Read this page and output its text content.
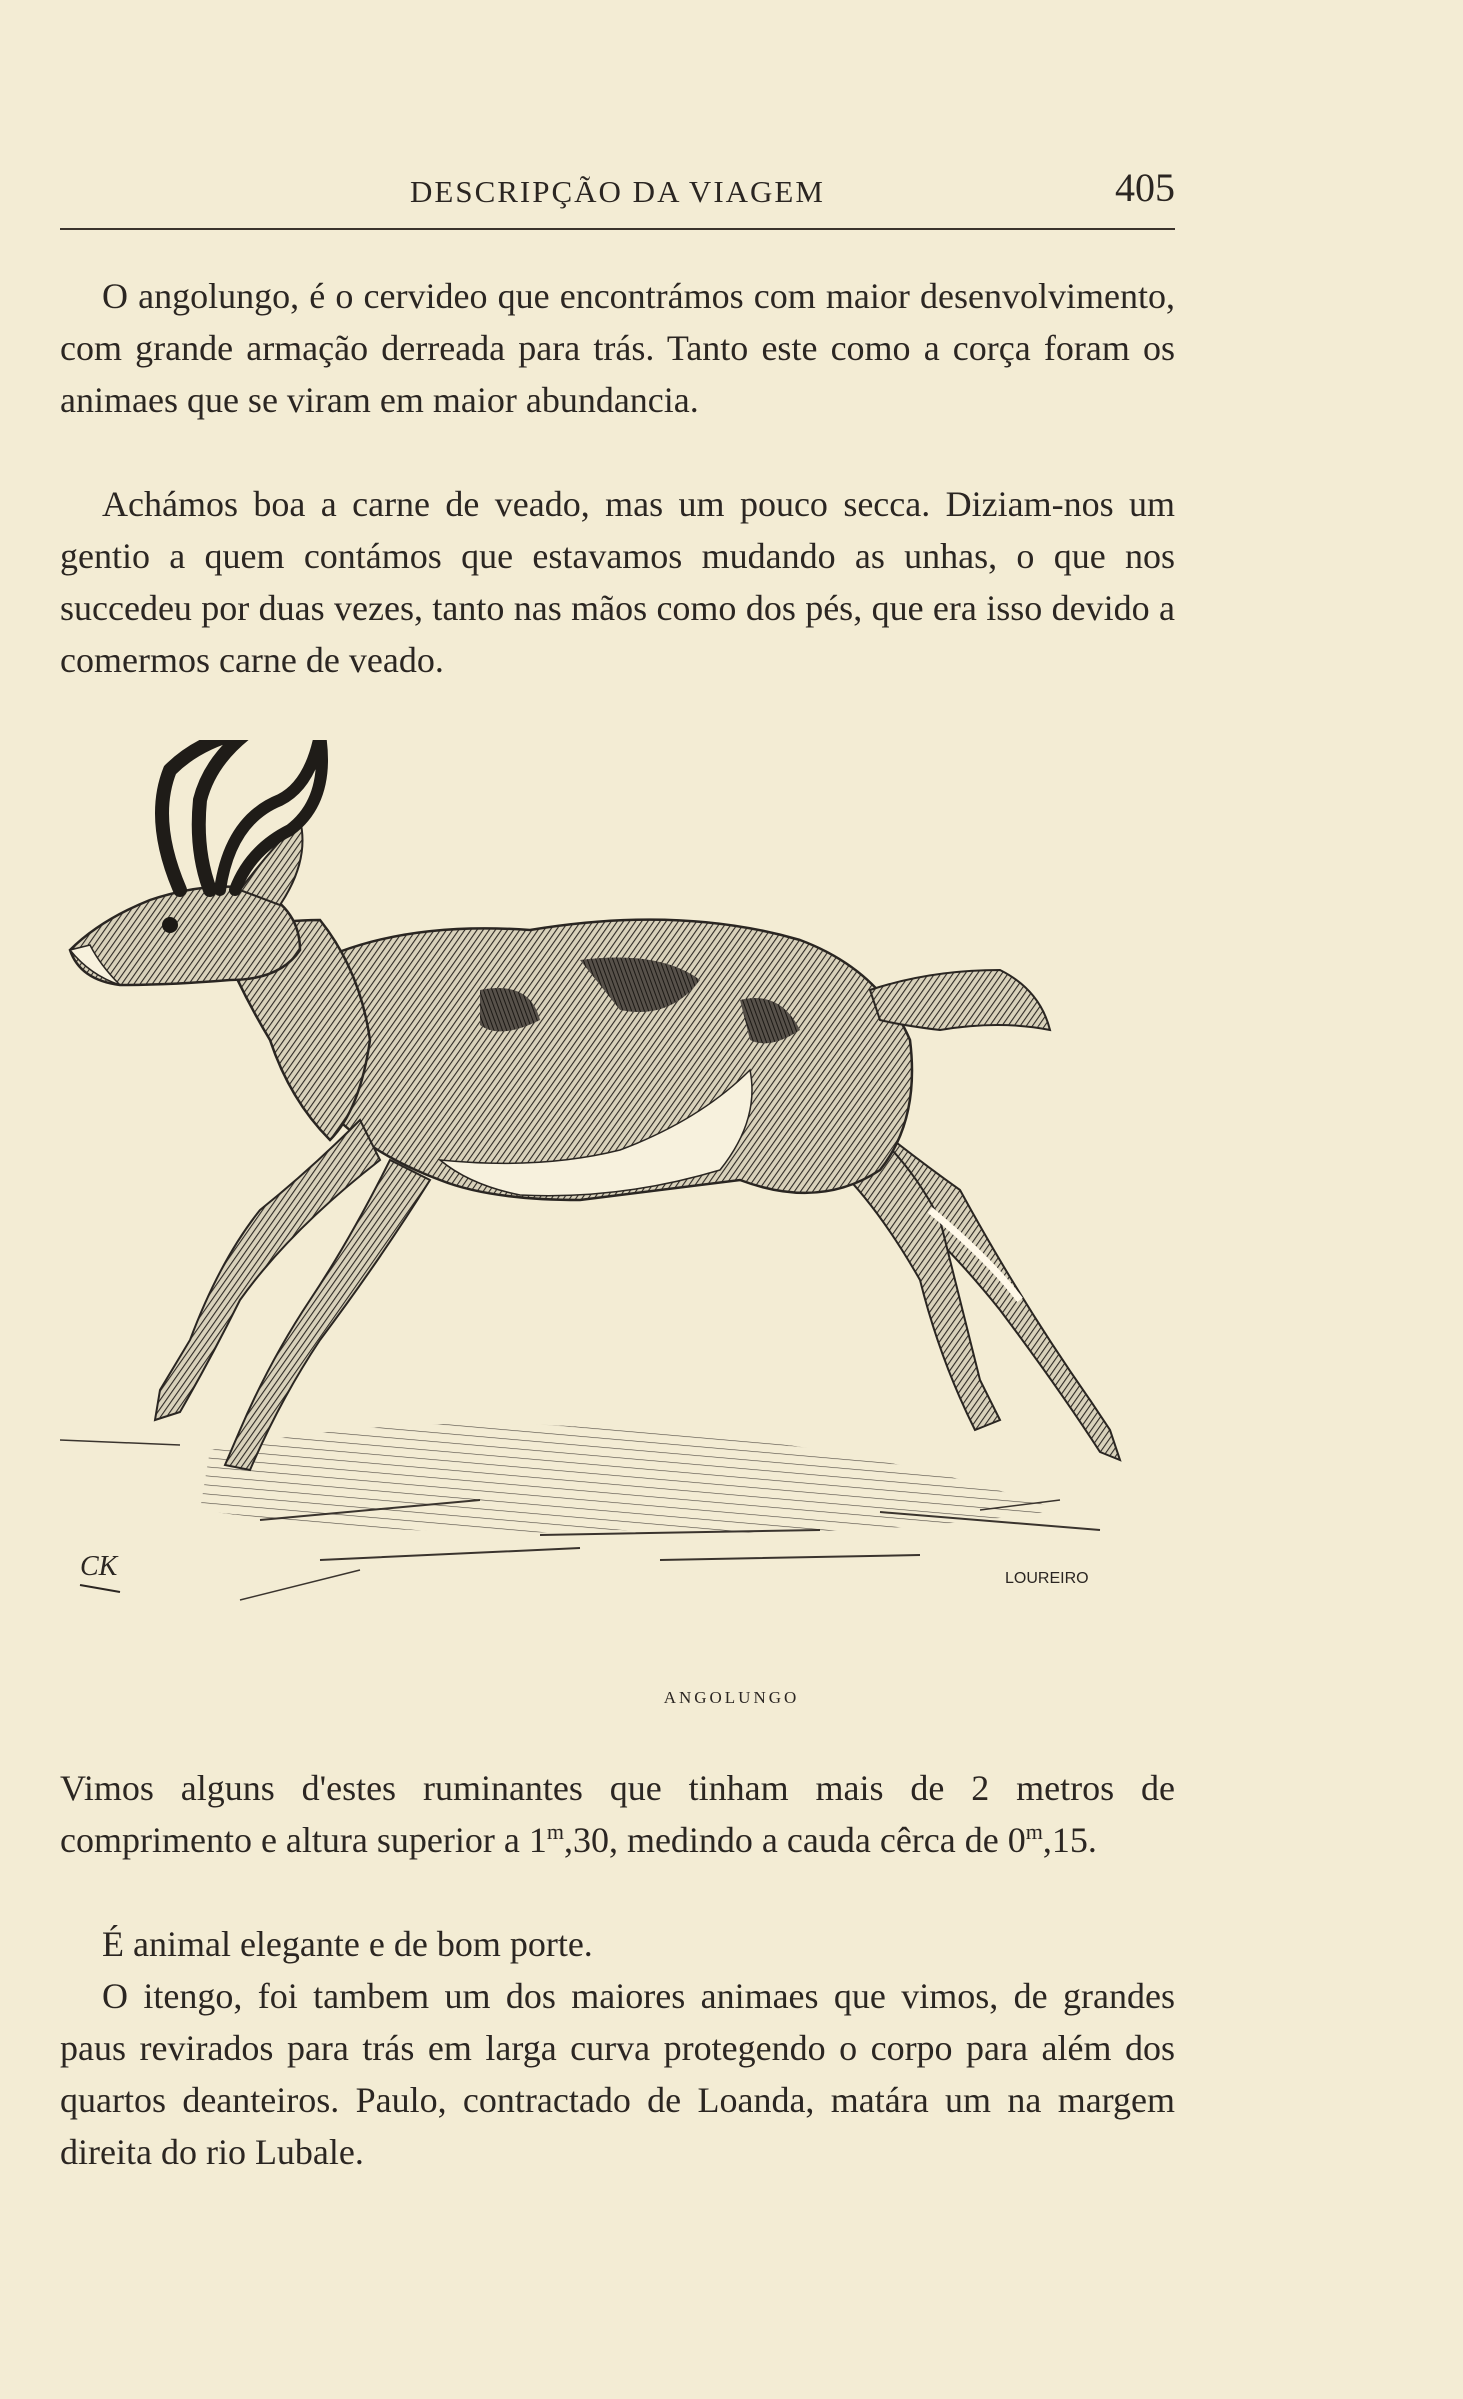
DESCRIPÇÃO DA VIAGEM	405

O angolungo, é o cervideo que encontrámos com maior desenvolvimento, com grande armação derreada para trás. Tanto este como a corça foram os animaes que se viram em maior abundancia.

Achámos boa a carne de veado, mas um pouco secca. Diziam-nos um gentio a quem contámos que estavamos mudando as unhas, o que nos succedeu por duas vezes, tanto nas mãos como dos pés, que era isso devido a comermos carne de veado.

CK	LOUREIRO
ANGOLUNGO

Vimos alguns d'estes ruminantes que tinham mais de 2 metros de comprimento e altura superior a 1$^m$,30, medindo a cauda cêrca de 0$^m$,15.

É animal elegante e de bom porte.

O itengo, foi tambem um dos maiores animaes que vimos, de grandes paus revirados para trás em larga curva protegendo o corpo para além dos quartos deanteiros. Paulo, contractado de Loanda, matára um na margem direita do rio Lubale.
